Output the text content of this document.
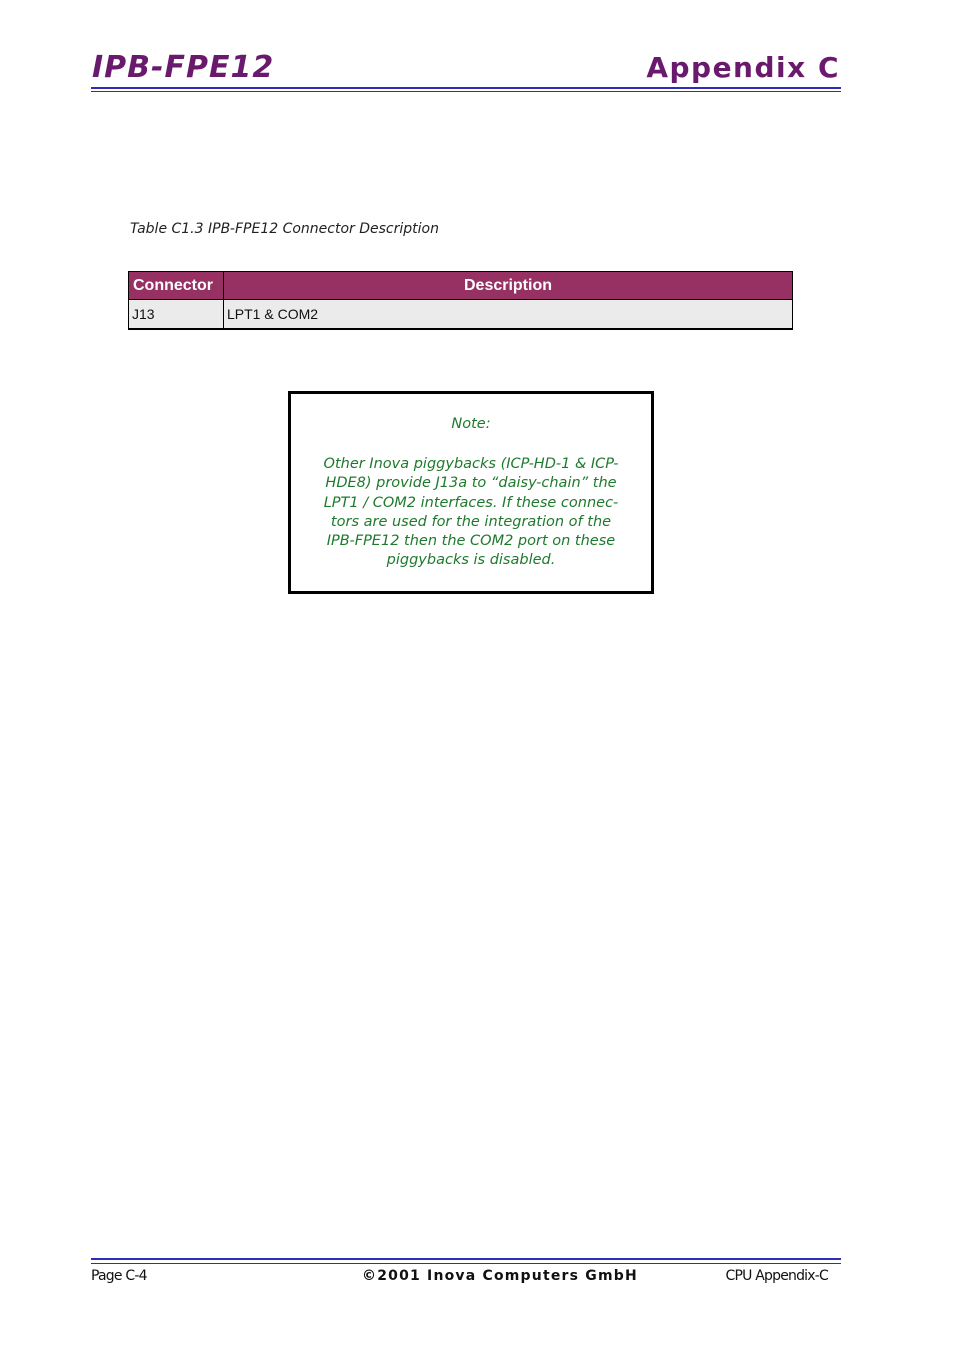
IPB-FPE12	Appendix C
Table C1.3 IPB-FPE12 Connector Description
Connector	Description
J13	LPT1 & COM2
Note:
Other Inova piggybacks (ICP-HD-1 & ICP-
HDE8) provide J13a to “daisy-chain” the
LPT1 / COM2 interfaces. If these connec-
tors are used for the integration of the
IPB-FPE12 then the COM2 port on these
piggybacks is disabled.
Page C-4	©2001 Inova Computers GmbH	CPU Appendix-C
